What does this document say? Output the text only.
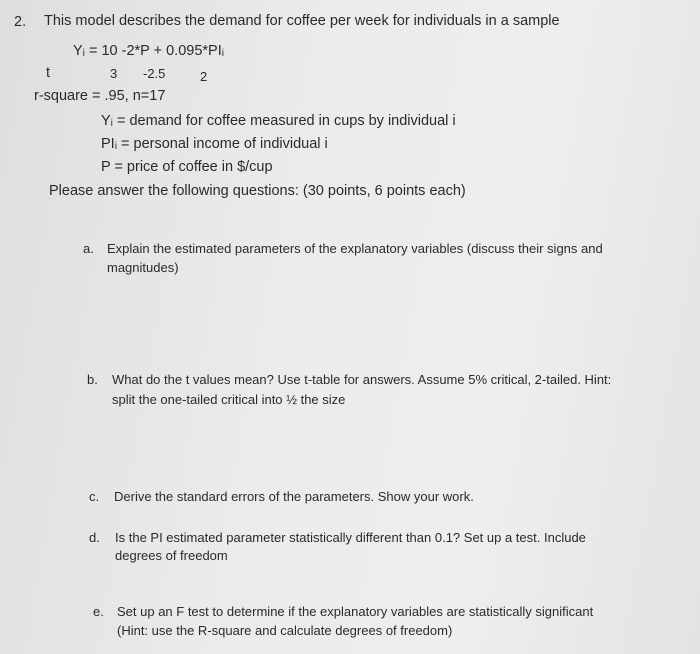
2. This model describes the demand for coffee per week for individuals in a sample
Yᵢ = 10 -2*P + 0.095*PIᵢ
t	3 -2.5	2
r-square = .95, n=17
Yᵢ = demand for coffee measured in cups by individual i
PIᵢ = personal income of individual i
P = price of coffee in $/cup
Please answer the following questions: (30 points, 6 points each)
a. Explain the estimated parameters of the explanatory variables (discuss their signs and
magnitudes)
b. What do the t values mean? Use t-table for answers. Assume 5% critical, 2-tailed. Hint:
split the one-tailed critical into ½ the size
c. Derive the standard errors of the parameters. Show your work.
d. Is the PI estimated parameter statistically different than 0.1? Set up a test. Include
degrees of freedom
e. Set up an F test to determine if the explanatory variables are statistically significant
(Hint: use the R-square and calculate degrees of freedom)
